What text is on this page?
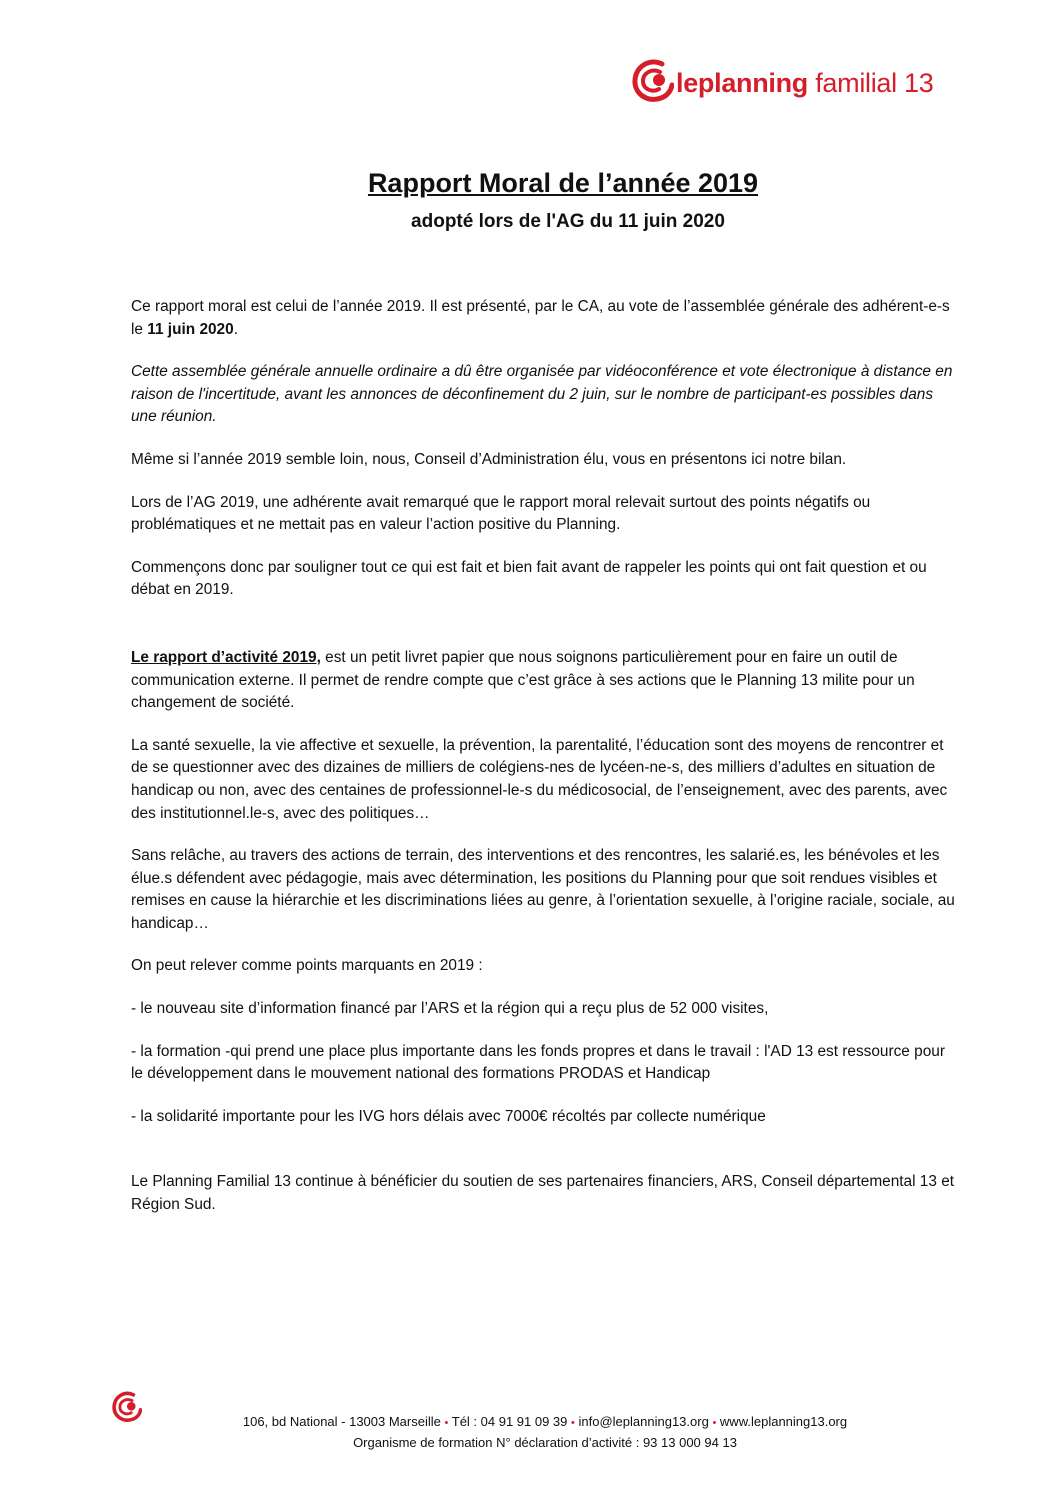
leplanning familial 13
Rapport Moral de l’année 2019
adopté lors de l'AG du 11 juin 2020

Ce rapport moral est celui de l’année 2019. Il est présenté, par le CA, au vote de l’assemblée générale des adhérent-e-s le 11 juin 2020.

Cette assemblée générale annuelle ordinaire a dû être organisée par vidéoconférence et vote électronique à distance en raison de l'incertitude, avant les annonces de déconfinement du 2 juin, sur le nombre de participant-es possibles dans une réunion.

Même si l’année 2019 semble loin, nous, Conseil d’Administration élu, vous en présentons ici notre bilan.

Lors de l’AG 2019, une adhérente avait remarqué que le rapport moral relevait surtout des points négatifs ou problématiques et ne mettait pas en valeur l’action positive du Planning.

Commençons donc par souligner tout ce qui est fait et bien fait avant de rappeler les points qui ont fait question et ou débat en 2019.

Le rapport d’activité 2019, est un petit livret papier que nous soignons particulièrement pour en faire un outil de communication externe. Il permet de rendre compte que c’est grâce à ses actions que le Planning 13 milite pour un changement de société.

La santé sexuelle, la vie affective et sexuelle, la prévention, la parentalité, l’éducation sont des moyens de rencontrer et de se questionner avec des dizaines de milliers de colégiens-nes de lycéen-ne-s, des milliers d’adultes en situation de handicap ou non, avec des centaines de professionnel-le-s du médicosocial, de l’enseignement, avec des parents, avec des institutionnel.le-s, avec des politiques…

Sans relâche, au travers des actions de terrain, des interventions et des rencontres, les salarié.es, les bénévoles et les élue.s défendent avec pédagogie, mais avec détermination, les positions du Planning pour que soit rendues visibles et remises en cause la hiérarchie et les discriminations liées au genre, à l’orientation sexuelle, à l’origine raciale, sociale, au handicap…

On peut relever comme points marquants en 2019 :

- le nouveau site d’information financé par l’ARS et la région qui a reçu plus de 52 000 visites,

- la formation -qui prend une place plus importante dans les fonds propres et dans le travail : l'AD 13 est ressource pour le développement dans le mouvement national des formations PRODAS et Handicap

- la solidarité importante pour les IVG hors délais avec 7000€ récoltés par collecte numérique

Le Planning Familial 13 continue à bénéficier du soutien de ses partenaires financiers, ARS, Conseil départemental 13 et Région Sud.

106, bd National - 13003 Marseille • Tél : 04 91 91 09 39 • info@leplanning13.org • www.leplanning13.org
Organisme de formation N° déclaration d’activité : 93 13 000 94 13
